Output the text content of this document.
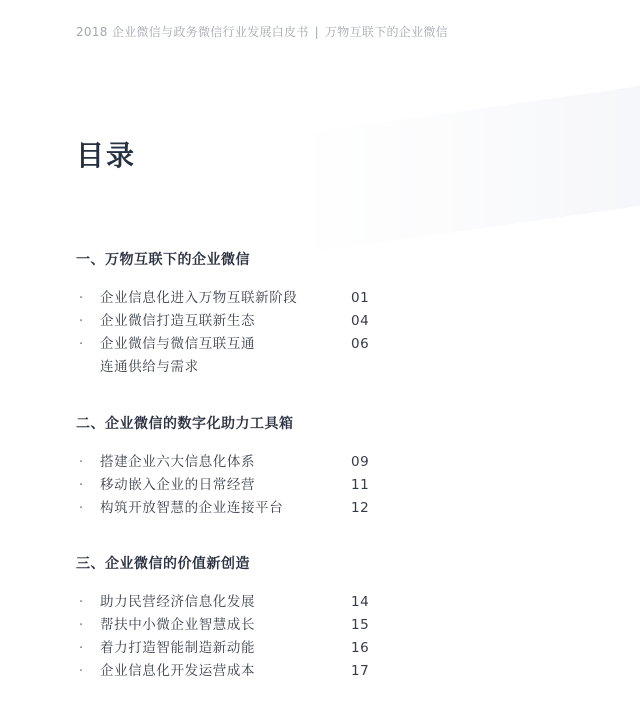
2018 企业微信与政务微信行业发展白皮书 | 万物互联下的企业微信
目录
一、万物互联下的企业微信
· 企业信息化进入万物互联新阶段	01
· 企业微信打造互联新生态	04
· 企业微信与微信互联互通	06
连通供给与需求
二、企业微信的数字化助力工具箱
· 搭建企业六大信息化体系	09
· 移动嵌入企业的日常经营	11
· 构筑开放智慧的企业连接平台	12
三、企业微信的价值新创造
· 助力民营经济信息化发展	14
· 帮扶中小微企业智慧成长	15
· 着力打造智能制造新动能	16
· 企业信息化开发运营成本	17
